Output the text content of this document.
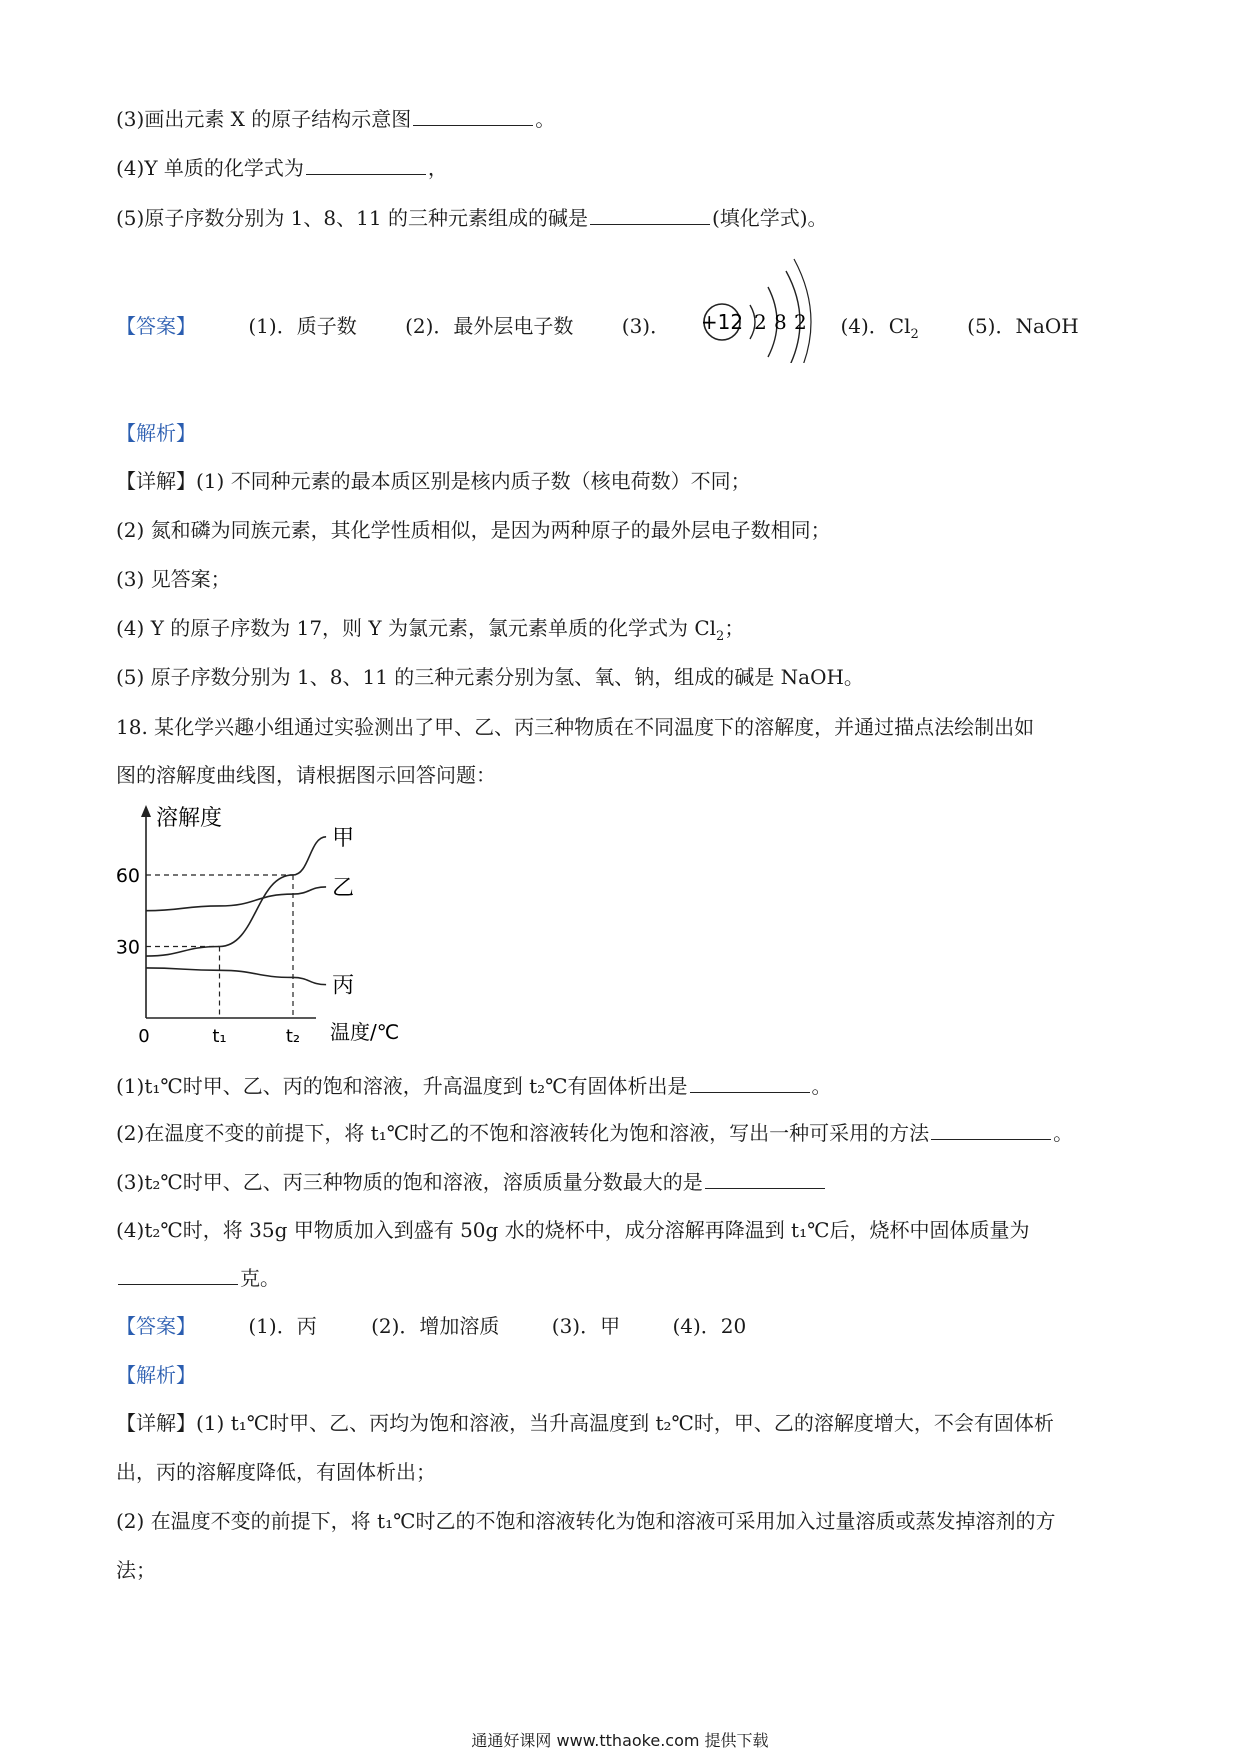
(3)画出元素 X 的原子结构示意图	。
(4)Y 单质的化学式为	，
(5)原子序数分别为 1、8、11 的三种元素组成的碱是	(填化学式)。
【答案】	(1)．质子数 (2)．最外层电子数 (3)．	(4)．$Cl_2$ (5)．NaOH
+12 2 8 2
【解析】
【详解】(1) 不同种元素的最本质区别是核内质子数（核电荷数）不同；
(2) 氮和磷为同族元素，其化学性质相似，是因为两种原子的最外层电子数相同；
(3) 见答案；
(4) Y 的原子序数为 17，则 Y 为氯元素，氯元素单质的化学式为 $Cl_2$；
(5) 原子序数分别为 1、8、11 的三种元素分别为氢、氧、钠，组成的碱是 NaOH。
18. 某化学兴趣小组通过实验测出了甲、乙、丙三种物质在不同温度下的溶解度，并通过描点法绘制出如
图的溶解度曲线图，请根据图示回答问题：
溶解度
温度/℃
60
30
0	t₁	t₂
甲
乙
丙
(1)t₁℃时甲、乙、丙的饱和溶液，升高温度到 t₂℃有固体析出是	。
(2)在温度不变的前提下，将 t₁℃时乙的不饱和溶液转化为饱和溶液，写出一种可采用的方法	。
(3)t₂℃时甲、乙、丙三种物质的饱和溶液，溶质质量分数最大的是
(4)t₂℃时，将 35g 甲物质加入到盛有 50g 水的烧杯中，成分溶解再降温到 t₁℃后，烧杯中固体质量为
克。
【答案】	(1)．丙	(2)．增加溶质	(3)．甲	(4)．20
【解析】
【详解】(1) t₁℃时甲、乙、丙均为饱和溶液，当升高温度到 t₂℃时，甲、乙的溶解度增大，不会有固体析
出，丙的溶解度降低，有固体析出；
(2) 在温度不变的前提下，将 t₁℃时乙的不饱和溶液转化为饱和溶液可采用加入过量溶质或蒸发掉溶剂的方
法；
通通好课网 www.tthaoke.com 提供下载
